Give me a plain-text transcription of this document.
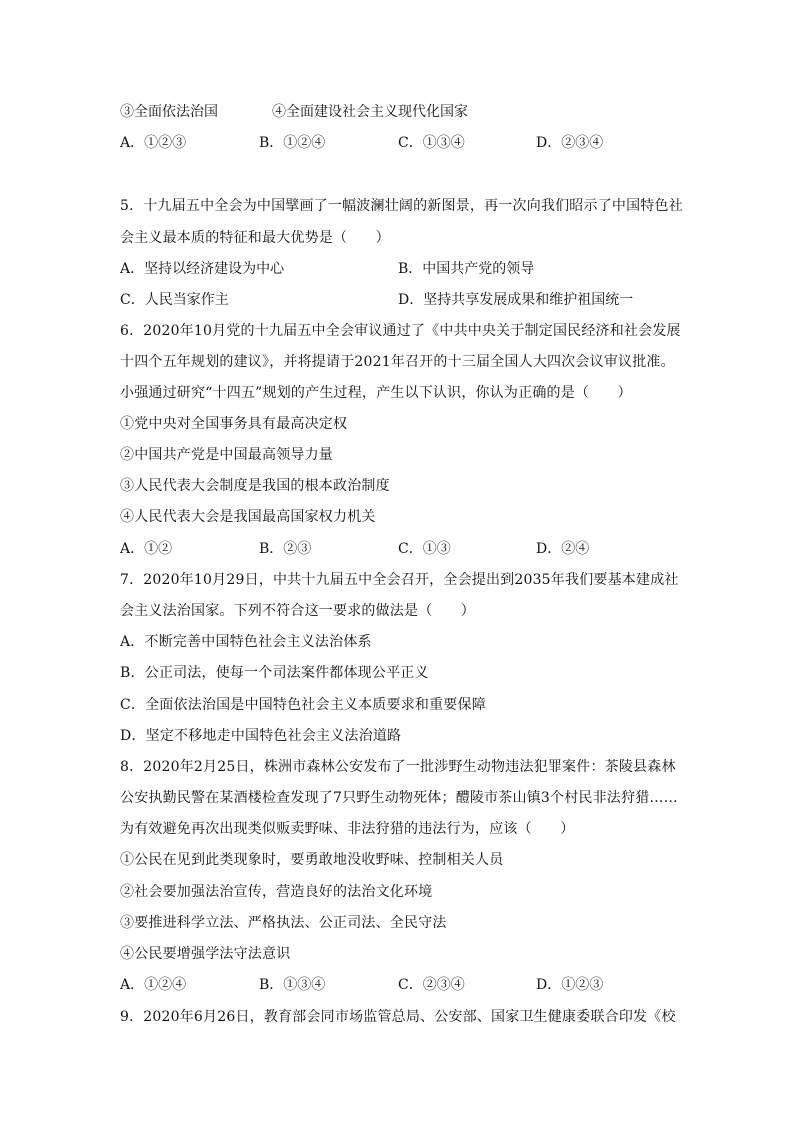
③全面依法治国	④全面建设社会主义现代化国家
A．①②③	B．①②④	C．①③④	D．②③④
5．十九届五中全会为中国擘画了一幅波澜壮阔的新图景，再一次向我们昭示了中国特色社
会主义最本质的特征和最大优势是（　　）
A．坚持以经济建设为中心	B．中国共产党的领导
C．人民当家作主	D．坚持共享发展成果和维护祖国统一
6．2020年10月党的十九届五中全会审议通过了《中共中央关于制定国民经济和社会发展
十四个五年规划的建议》，并将提请于2021年召开的十三届全国人大四次会议审议批准。
小强通过研究“十四五”规划的产生过程，产生以下认识，你认为正确的是（　　）
①党中央对全国事务具有最高决定权
②中国共产党是中国最高领导力量
③人民代表大会制度是我国的根本政治制度
④人民代表大会是我国最高国家权力机关
A．①②	B．②③	C．①③	D．②④
7．2020年10月29日，中共十九届五中全会召开，全会提出到2035年我们要基本建成社
会主义法治国家。下列不符合这一要求的做法是（　　）
A．不断完善中国特色社会主义法治体系
B．公正司法，使每一个司法案件都体现公平正义
C．全面依法治国是中国特色社会主义本质要求和重要保障
D．坚定不移地走中国特色社会主义法治道路
8．2020年2月25日，株洲市森林公安发布了一批涉野生动物违法犯罪案件：茶陵县森林
公安执勤民警在某酒楼检查发现了7只野生动物死体；醴陵市茶山镇3个村民非法狩猎……
为有效避免再次出现类似贩卖野味、非法狩猎的违法行为，应该（　　）
①公民在见到此类现象时，要勇敢地没收野味、控制相关人员
②社会要加强法治宣传，营造良好的法治文化环境
③要推进科学立法、严格执法、公正司法、全民守法
④公民要增强学法守法意识
A．①②④	B．①③④	C．②③④	D．①②③
9．2020年6月26日，教育部会同市场监管总局、公安部、国家卫生健康委联合印发《校
